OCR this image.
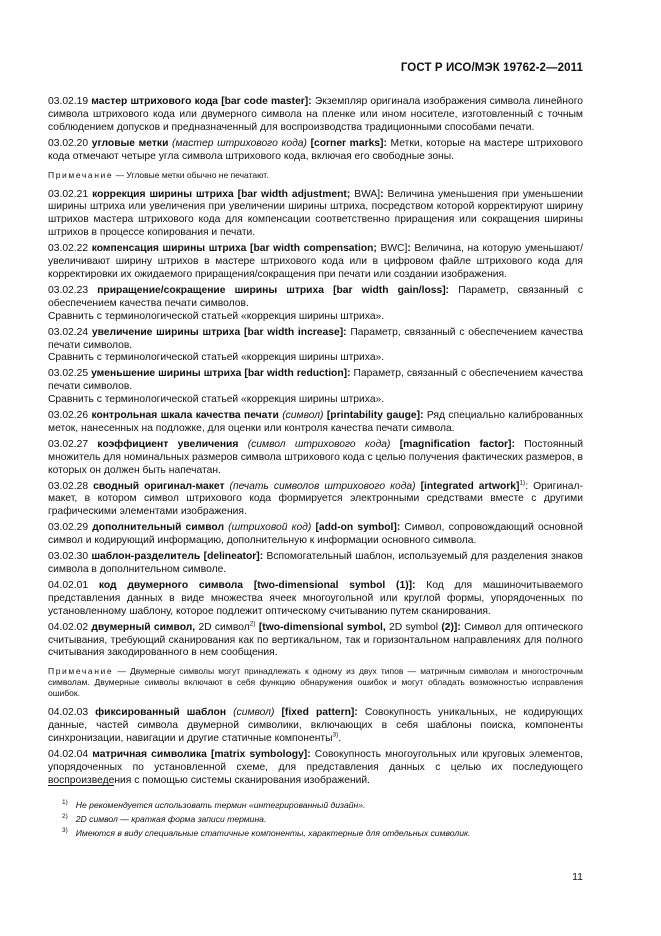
ГОСТ Р ИСО/МЭК 19762-2—2011

03.02.19 мастер штрихового кода [bar code master]: Экземпляр оригинала изображения символа линейного символа штрихового кода или двумерного символа на пленке или ином носителе, изготовленный с точным соблюдением допусков и предназначенный для воспроизводства традиционными способами печати.

03.02.20 угловые метки (мастер штрихового кода) [corner marks]: Метки, которые на мастере штрихового кода отмечают четыре угла символа штрихового кода, включая его свободные зоны.

Примечание — Угловые метки обычно не печатают.

03.02.21 коррекция ширины штриха [bar width adjustment; BWA]: Величина уменьшения при уменьшении ширины штриха или увеличения при увеличении ширины штриха, посредством которой корректируют ширину штрихов мастера штрихового кода для компенсации соответственно приращения или сокращения ширины штрихов в процессе копирования и печати.

03.02.22 компенсация ширины штриха [bar width compensation; BWC]: Величина, на которую уменьшают/увеличивают ширину штрихов в мастере штрихового кода или в цифровом файле штрихового кода для корректировки их ожидаемого приращения/сокращения при печати или создании изображения.

03.02.23 приращение/сокращение ширины штриха [bar width gain/loss]: Параметр, связанный с обеспечением качества печати символов.

Сравнить с терминологической статьей «коррекция ширины штриха».

03.02.24 увеличение ширины штриха [bar width increase]: Параметр, связанный с обеспечением качества печати символов.

Сравнить с терминологической статьей «коррекция ширины штриха».

03.02.25 уменьшение ширины штриха [bar width reduction]: Параметр, связанный с обеспечением качества печати символов.

Сравнить с терминологической статьей «коррекция ширины штриха».

03.02.26 контрольная шкала качества печати (символ) [printability gauge]: Ряд специально калиброванных меток, нанесенных на подложке, для оценки или контроля качества печати символа.

03.02.27 коэффициент увеличения (символ штрихового кода) [magnification factor]: Постоянный множитель для номинальных размеров символа штрихового кода с целью получения фактических размеров, в которых он должен быть напечатан.

03.02.28 сводный оригинал-макет (печать символов штрихового кода) [integrated artwork]$^{1)}$: Оригинал-макет, в котором символ штрихового кода формируется электронными средствами вместе с другими графическими элементами изображения.

03.02.29 дополнительный символ (штриховой код) [add-on symbol]: Символ, сопровождающий основной символ и кодирующий информацию, дополнительную к информации основного символа.

03.02.30 шаблон-разделитель [delineator]: Вспомогательный шаблон, используемый для разделения знаков символа в дополнительном символе.

04.02.01 код двумерного символа [two-dimensional symbol (1)]: Код для машиночитываемого представления данных в виде множества ячеек многоугольной или круглой формы, упорядоченных по установленному шаблону, которое подлежит оптическому считыванию путем сканирования.

04.02.02 двумерный символ, 2D символ$^{2)}$ [two-dimensional symbol, 2D symbol (2)]: Символ для оптического считывания, требующий сканирования как по вертикальном, так и горизонтальном направлениях для полного считывания закодированного в нем сообщения.

Примечание — Двумерные символы могут принадлежать к одному из двух типов — матричным символам и многострочным символам. Двумерные символы включают в себя функцию обнаружения ошибок и могут обладать возможностью исправления ошибок.

04.02.03 фиксированный шаблон (символ) [fixed pattern]: Совокупность уникальных, не кодирующих данные, частей символа двумерной символики, включающих в себя шаблоны поиска, компоненты синхронизации, навигации и другие статичные компоненты$^{3)}$.

04.02.04 матричная символика [matrix symbology]: Совокупность многоугольных или круговых элементов, упорядоченных по установленной схеме, для представления данных с целью их последующего воспроизведения с помощью системы сканирования изображений.

$^{1)}$ Не рекомендуется использовать термин «интегрированный дизайн».
$^{2)}$ 2D символ — краткая форма записи термина.
$^{3)}$ Имеются в виду специальные статичные компоненты, характерные для отдельных символик.
11
